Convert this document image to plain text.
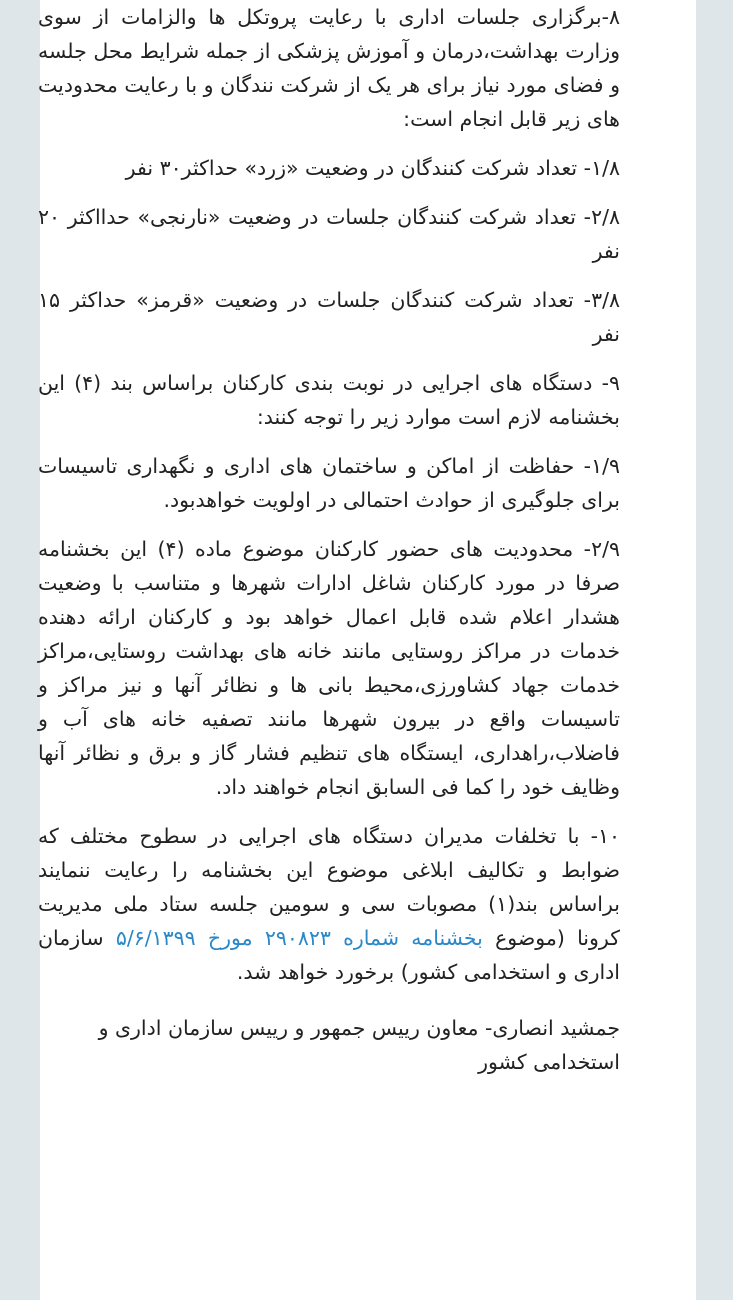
۸-برگزاری جلسات اداری با رعایت پروتکل ها والزامات از سوی وزارت بهداشت،درمان و آموزش پزشکی از جمله شرایط محل جلسه و فضای مورد نیاز برای هر یک از شرکت نندگان و با رعایت محدودیت های زیر قابل انجام است:

۱/۸- تعداد شرکت کنندگان در وضعیت «زرد» حداکثر۳۰ نفر

۲/۸- تعداد شرکت کنندگان جلسات در وضعیت «نارنجی» حدااکثر ۲۰ نفر

۳/۸- تعداد شرکت کنندگان جلسات در وضعیت «قرمز» حداکثر ۱۵ نفر

۹- دستگاه های اجرایی در نوبت بندی کارکنان براساس بند (۴) این بخشنامه لازم است موارد زیر را توجه کنند:

۱/۹- حفاظت از اماکن و ساختمان های اداری و نگهداری تاسیسات برای جلوگیری از حوادث احتمالی در اولویت خواهدبود.

۲/۹- محدودیت های حضور کارکنان موضوع ماده (۴) این بخشنامه صرفا در مورد کارکنان شاغل ادارات شهرها و متناسب با وضعیت هشدار اعلام شده قابل اعمال خواهد بود و کارکنان ارائه دهنده خدمات در مراکز روستایی مانند خانه های بهداشت روستایی،مراکز خدمات جهاد کشاورزی،محیط بانی ها و نظائر آنها و نیز مراکز و تاسیسات واقع در بیرون شهرها مانند تصفیه خانه های آب و فاضلاب،راهداری، ایستگاه های تنظیم فشار گاز و برق و نظائر آنها وظایف خود را کما فی السابق انجام خواهند داد.

۱۰- با تخلفات مدیران دستگاه های اجرایی در سطوح مختلف که ضوابط و تکالیف ابلاغی موضوع این بخشنامه را رعایت ننمایند براساس بند(۱) مصوبات سی و سومین جلسه ستاد ملی مدیریت کرونا (موضوع بخشنامه شماره ۲۹۰۸۲۳ مورخ ۵/۶/۱۳۹۹ سازمان اداری و استخدامی کشور) برخورد خواهد شد.

جمشید انصاری- معاون رییس جمهور و رییس سازمان اداری و استخدامی کشور
